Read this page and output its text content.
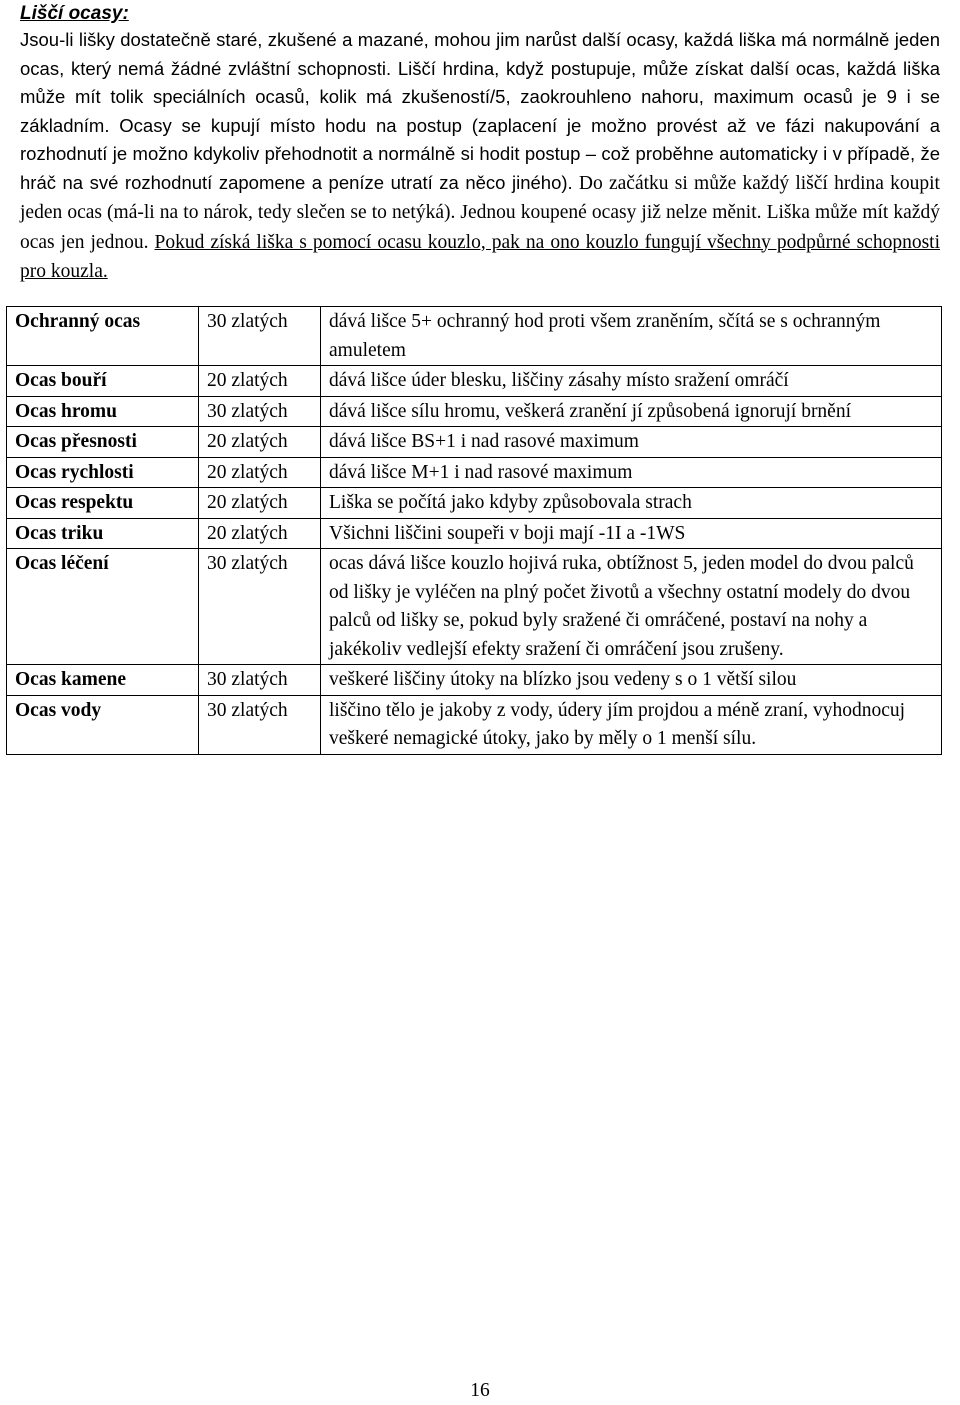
Liščí ocasy:

Jsou-li lišky dostatečně staré, zkušené a mazané, mohou jim narůst další ocasy, každá liška má normálně jeden ocas, který nemá žádné zvláštní schopnosti. Liščí hrdina, když postupuje, může získat další ocas, každá liška může mít tolik speciálních ocasů, kolik má zkušeností/5, zaokrouhleno nahoru, maximum ocasů je 9 i se základním. Ocasy se kupují místo hodu na postup (zaplacení je možno provést až ve fázi nakupování a rozhodnutí je možno kdykoliv přehodnotit a normálně si hodit postup – což proběhne automaticky i v případě, že hráč na své rozhodnutí zapomene a peníze utratí za něco jiného). Do začátku si může každý liščí hrdina koupit jeden ocas (má-li na to nárok, tedy slečen se to netýká). Jednou koupené ocasy již nelze měnit. Liška může mít každý ocas jen jednou. Pokud získá liška s pomocí ocasu kouzlo, pak na ono kouzlo fungují všechny podpůrné schopnosti pro kouzla.

Ochranný ocas	30 zlatých	dává lišce 5+ ochranný hod proti všem zraněním, sčítá se s ochranným amuletem
Ocas bouří	20 zlatých	dává lišce úder blesku, liščiny zásahy místo sražení omráčí
Ocas hromu	30 zlatých	dává lišce sílu hromu, veškerá zranění jí způsobená ignorují brnění
Ocas přesnosti	20 zlatých	dává lišce BS+1 i nad rasové maximum
Ocas rychlosti	20 zlatých	dává lišce M+1 i nad rasové maximum
Ocas respektu	20 zlatých	Liška se počítá jako kdyby způsobovala strach
Ocas triku	20 zlatých	Všichni liščini soupeři v boji mají -1I a -1WS
Ocas léčení	30 zlatých	ocas dává lišce kouzlo hojivá ruka, obtížnost 5, jeden model do dvou palců od lišky je vyléčen na plný počet životů a všechny ostatní modely do dvou palců od lišky se, pokud byly sražené či omráčené, postaví na nohy a jakékoliv vedlejší efekty sražení či omráčení jsou zrušeny.
Ocas kamene	30 zlatých	veškeré liščiny útoky na blízko jsou vedeny s o 1 větší silou
Ocas vody	30 zlatých	liščino tělo je jakoby z vody, údery jím projdou a méně zraní, vyhodnocuj veškeré nemagické útoky, jako by měly o 1 menší sílu.
16
